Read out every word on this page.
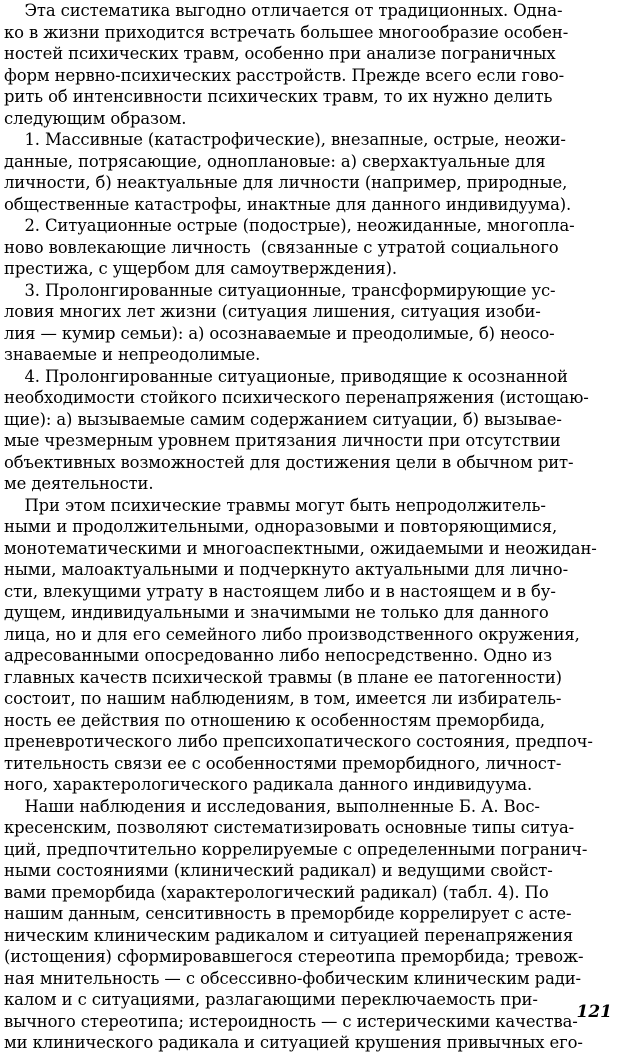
Эта систематика выгодно отличается от традиционных. Одна-
ко в жизни приходится встречать большее многообразие особен-
ностей психических травм, особенно при анализе пограничных
форм нервно-психических расстройств. Прежде всего если гово-
рить об интенсивности психических травм, то их нужно делить
следующим образом.
1. Массивные (катастрофические), внезапные, острые, неожи-
данные, потрясающие, одноплановые: а) сверхактуальные для
личности, б) неактуальные для личности (например, природные,
общественные катастрофы, инактные для данного индивидуума).
2. Ситуационные острые (подострые), неожиданные, многопла-
ново вовлекающие личность  (связанные с утратой социального
престижа, с ущербом для самоутверждения).
3. Пролонгированные ситуационные, трансформирующие ус-
ловия многих лет жизни (ситуация лишения, ситуация изоби-
лия — кумир семьи): а) осознаваемые и преодолимые, б) неосо-
знаваемые и непреодолимые.
4. Пролонгированные ситуационые, приводящие к осознанной
необходимости стойкого психического перенапряжения (истощаю-
щие): а) вызываемые самим содержанием ситуации, б) вызывае-
мые чрезмерным уровнем притязания личности при отсутствии
объективных возможностей для достижения цели в обычном рит-
ме деятельности.
При этом психические травмы могут быть непродолжитель-
ными и продолжительными, одноразовыми и повторяющимися,
монотематическими и многоаспектными, ожидаемыми и неожидан-
ными, малоактуальными и подчеркнуто актуальными для лично-
сти, влекущими утрату в настоящем либо и в настоящем и в бу-
дущем, индивидуальными и значимыми не только для данного
лица, но и для его семейного либо производственного окружения,
адресованными опосредованно либо непосредственно. Одно из
главных качеств психической травмы (в плане ее патогенности)
состоит, по нашим наблюдениям, в том, имеется ли избиратель-
ность ее действия по отношению к особенностям преморбида,
преневротического либо препсихопатического состояния, предпоч-
тительность связи ее с особенностями преморбидного, личност-
ного, характерологического радикала данного индивидуума.
Наши наблюдения и исследования, выполненные Б. А. Вос-
кресенским, позволяют систематизировать основные типы ситуа-
ций, предпочтительно коррелируемые с определенными погранич-
ными состояниями (клинический радикал) и ведущими свойст-
вами преморбида (характерологический радикал) (табл. 4). По
нашим данным, сенситивность в преморбиде коррелирует с асте-
ническим клиническим радикалом и ситуацией перенапряжения
(истощения) сформировавшегося стереотипа преморбида; тревож-
ная мнительность — с обсессивно-фобическим клиническим ради-
калом и с ситуациями, разлагающими переключаемость при-
вычного стереотипа; истероидность — с истерическими качества-
ми клинического радикала и ситуацией крушения привычных его-
121
